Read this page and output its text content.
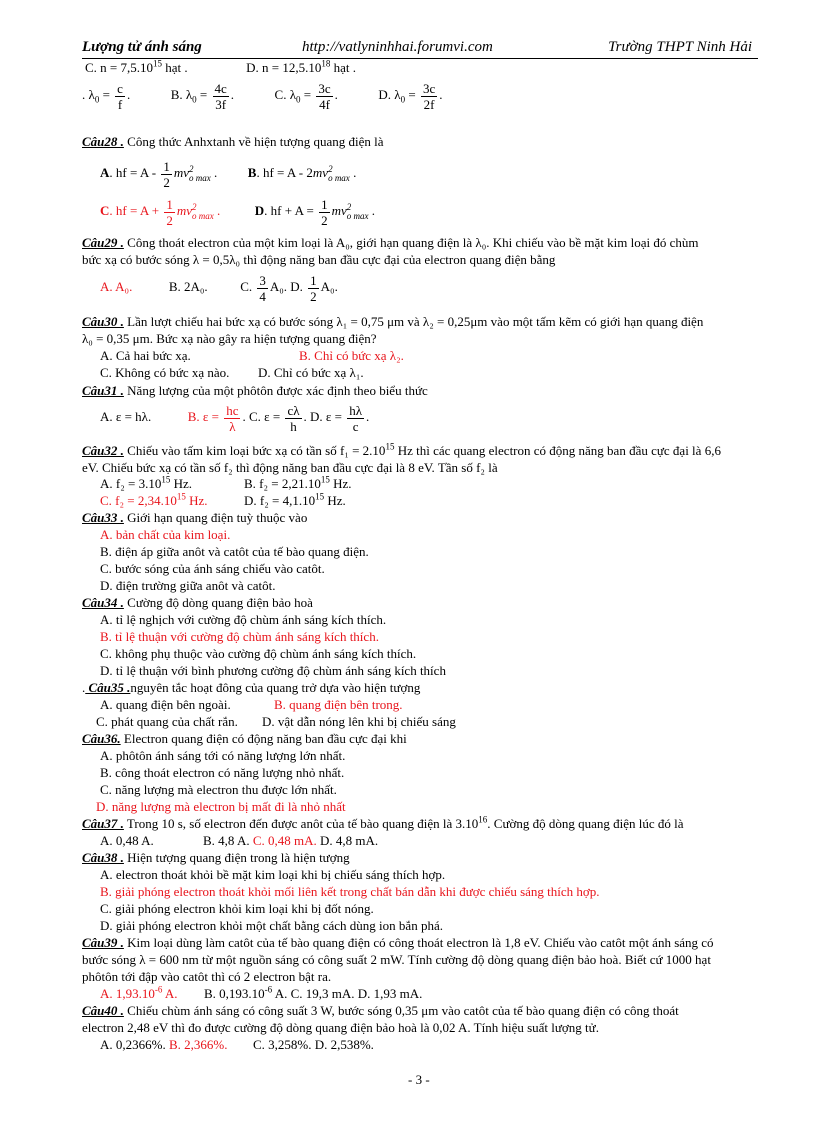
Lượng tử ánh sáng	http://vatlyninhhai.forumvi.com	Trường THPT Ninh Hải
C. $n = 7,5.10^{15}$ hạt .	D. $n = 12,5.10^{18}$ hạt .
. $\lambda_0 = \frac{c}{f}$ .	B. $\lambda_0 = \frac{4c}{3f}$ .	C. $\lambda_0 = \frac{3c}{4f}$ .	D. $\lambda_0 = \frac{3c}{2f}$ .
Câu28 . Công thức Anhxtanh về hiện tượng quang điện là
A. hf = A - $\frac{1}{2}$ mv 2
o max . B. hf = A - 2mv 2
o max .
C. hf = $A + \frac{1}{2}$ mv 2
o max .	D. hf + $A = \frac{1}{2}$ mv 2
o max .
Câu29 . Công thoát electron của một kim loại là A₀, giới hạn quang điện là λ₀. Khi chiếu vào bề mặt kim loại đó chùm
bức xạ có bước sóng λ = 0,5λ₀ thì động năng ban đầu cực đại của electron quang điện bằng
A. A₀.	B. 2A₀.	C. $\frac{3}{4} A_0$. D. $\frac{1}{2} A_0$.
Câu30 . Lần lượt chiếu hai bức xạ có bước sóng λ₁ = 0,75 μm và λ₂ = 0,25μm vào một tấm kẽm có giới hạn quang điện
λ₀ = 0,35 μm. Bức xạ nào gây ra hiện tượng quang điện?
A. Cả hai bức xạ.	B. Chỉ có bức xạ λ₂.
C. Không có bức xạ nào. D. Chỉ có bức xạ λ₁.
Câu31 . Năng lượng của một phôtôn được xác định theo biểu thức
A. ε = hλ.	B. $\varepsilon = \frac{hc}{\lambda}$ . C. $\varepsilon = \frac{c\lambda}{h}$ . D. $\varepsilon = \frac{h\lambda}{c}$ .
Câu32 . Chiếu vào tấm kim loại bức xạ có tần số $f_1 = 2.10^{15}$ Hz thì các quang electron có động năng ban đầu cực đại là 6,6
eV. Chiếu bức xạ có tần số f₂ thì động năng ban đầu cực đại là 8 eV. Tần số f₂ là
A. $f_2 = 3.10^{15}$ Hz.	B. $f_2 = 2,21.10^{15}$ Hz.
C. $f_2 = 2,34.10^{15}$ Hz.	D. $f_2 = 4,1.10^{15}$ Hz.
Câu33 . Giới hạn quang điện tuỳ thuộc vào
A. bản chất của kim loại.
B. điện áp giữa anôt và catôt của tế bào quang điện.
C. bước sóng của ánh sáng chiếu vào catôt.
D. điện trường giữa anôt và catôt.
Câu34 . Cường độ dòng quang điện bảo hoà
A. tỉ lệ nghịch với cường độ chùm ánh sáng kích thích.
B. tỉ lệ thuận với cường độ chùm ánh sáng kích thích.
C. không phụ thuộc vào cường độ chùm ánh sáng kích thích.
D. tỉ lệ thuận với bình phương cường độ chùm ánh sáng kích thích
. Câu35 .nguyên tắc hoạt đông của quang trở dựa vào hiện tượng
A. quang điện bên ngoài.	B. quang điện bên trong.
C. phát quang của chất rắn. D. vật dẫn nóng lên khi bị chiếu sáng
Câu36. Electron quang điện có động năng ban đầu cực đại khi
A. phôtôn ánh sáng tới có năng lượng lớn nhất.
B. công thoát electron có năng lượng nhỏ nhất.
C. năng lượng mà electron thu được lớn nhất.
D. năng lượng mà electron bị mất đi là nhỏ nhất
Câu37 . Trong 10 s, số electron đến được anôt của tế bào quang điện là 3.10$^{16}$. Cường độ dòng quang điện lúc đó là
A. 0,48 A.	B. 4,8 A. C. 0,48 mA. D. 4,8 mA.
Câu38 . Hiện tượng quang điện trong là hiện tượng
A. electron thoát khỏi bề mặt kim loại khi bị chiếu sáng thích hợp.
B. giải phóng electron thoát khỏi mối liên kết trong chất bán dẫn khi được chiếu sáng thích hợp.
C. giải phóng electron khỏi kim loại khi bị đốt nóng.
D. giải phóng electron khỏi một chất bằng cách dùng ion bắn phá.
Câu39 . Kim loại dùng làm catôt của tế bào quang điện có công thoát electron là 1,8 eV. Chiếu vào catôt một ánh sáng có
bước sóng λ = 600 nm từ một nguồn sáng có công suất 2 mW. Tính cường độ dòng quang điện bảo hoà. Biết cứ 1000 hạt
phôtôn tới đập vào catôt thì có 2 electron bật ra.
A. $1,93.10^{-6}$ A. B. $0,193.10^{-6}$ A. C. 19,3 mA. D. 1,93 mA.
Câu40 . Chiếu chùm ánh sáng có công suất 3 W, bước sóng 0,35 μm vào catôt của tế bào quang điện có công thoát
electron 2,48 eV thì đo được cường độ dòng quang điện bảo hoà là 0,02 A. Tính hiệu suất lượng tử.
A. 0,2366%. B. 2,366%. C. 3,258%. D. 2,538%.
- 3 -
